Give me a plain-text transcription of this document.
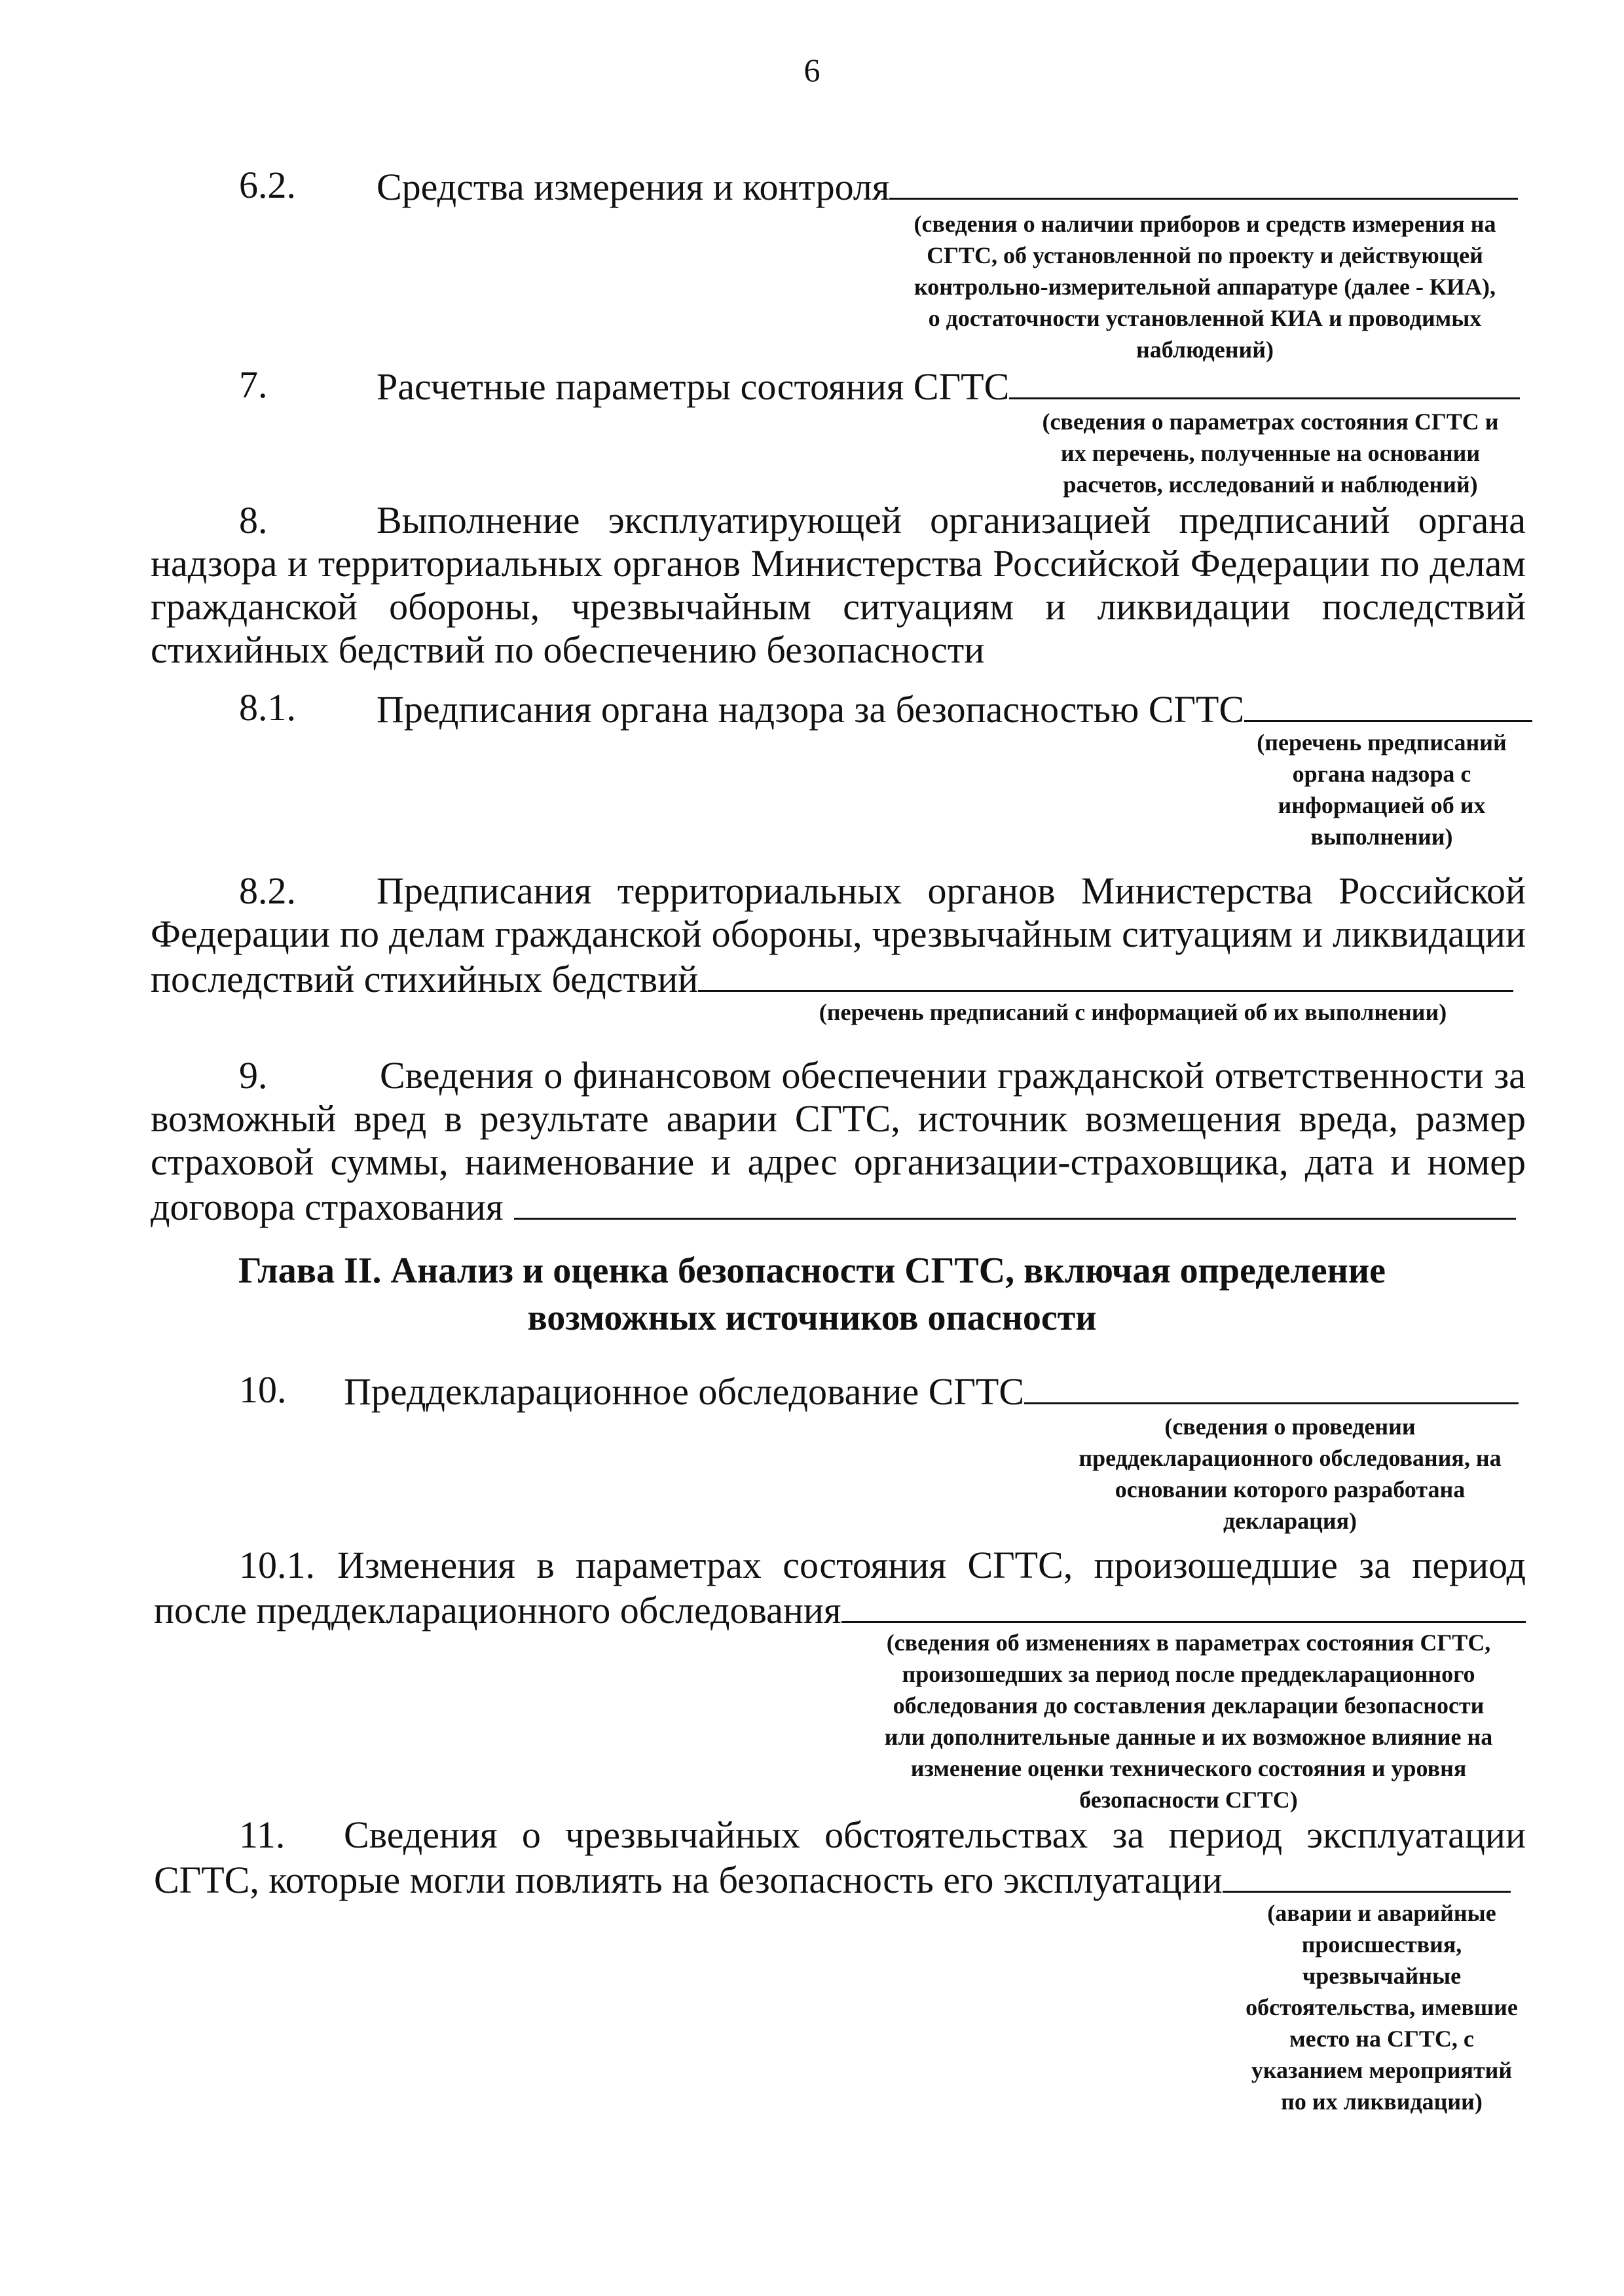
6
6.2. Средства измерения и контроля
(сведения о наличии приборов и средств измерения на
СГТС, об установленной по проекту и действующей
контрольно-измерительной аппаратуре (далее - КИА),
о достаточности установленной КИА и проводимых
наблюдений)
7.	Расчетные параметры состояния СГТС
(сведения о параметрах состояния СГТС и
их перечень, полученные на основании
расчетов, исследований и наблюдений)
8.	Выполнение эксплуатирующей организацией предписаний органа
надзора и территориальных органов Министерства Российской Федерации по делам
гражданской обороны, чрезвычайным ситуациям и ликвидации последствий
стихийных бедствий по обеспечению безопасности
8.1. Предписания органа надзора за безопасностью СГТС
(перечень предписаний
органа надзора с
информацией об их
выполнении)
8.2. Предписания территориальных органов Министерства Российской
Федерации по делам гражданской обороны, чрезвычайным ситуациям и ликвидации
последствий стихийных бедствий
(перечень предписаний с информацией об их выполнении)
9.	Сведения о финансовом обеспечении гражданской ответственности за
возможный вред в результате аварии СГТС, источник возмещения вреда, размер
страховой суммы, наименование и адрес организации-страховщика, дата и номер
договора страхования
Глава II. Анализ и оценка безопасности СГТС, включая определение
возможных источников опасности
10. Преддекларационное обследование СГТС
(сведения о проведении
преддекларационного обследования, на
основании которого разработана
декларация)
10.1. Изменения в параметрах состояния СГТС, произошедшие за период
после преддекларационного обследования
(сведения об изменениях в параметрах состояния СГТС,
произошедших за период после преддекларационного
обследования до составления декларации безопасности
или дополнительные данные и их возможное влияние на
изменение оценки технического состояния и уровня
безопасности СГТС)
11. Сведения о чрезвычайных обстоятельствах за период эксплуатации
СГТС, которые могли повлиять на безопасность его эксплуатации
(аварии и аварийные
происшествия,
чрезвычайные
обстоятельства, имевшие
место на СГТС, с
указанием мероприятий
по их ликвидации)
